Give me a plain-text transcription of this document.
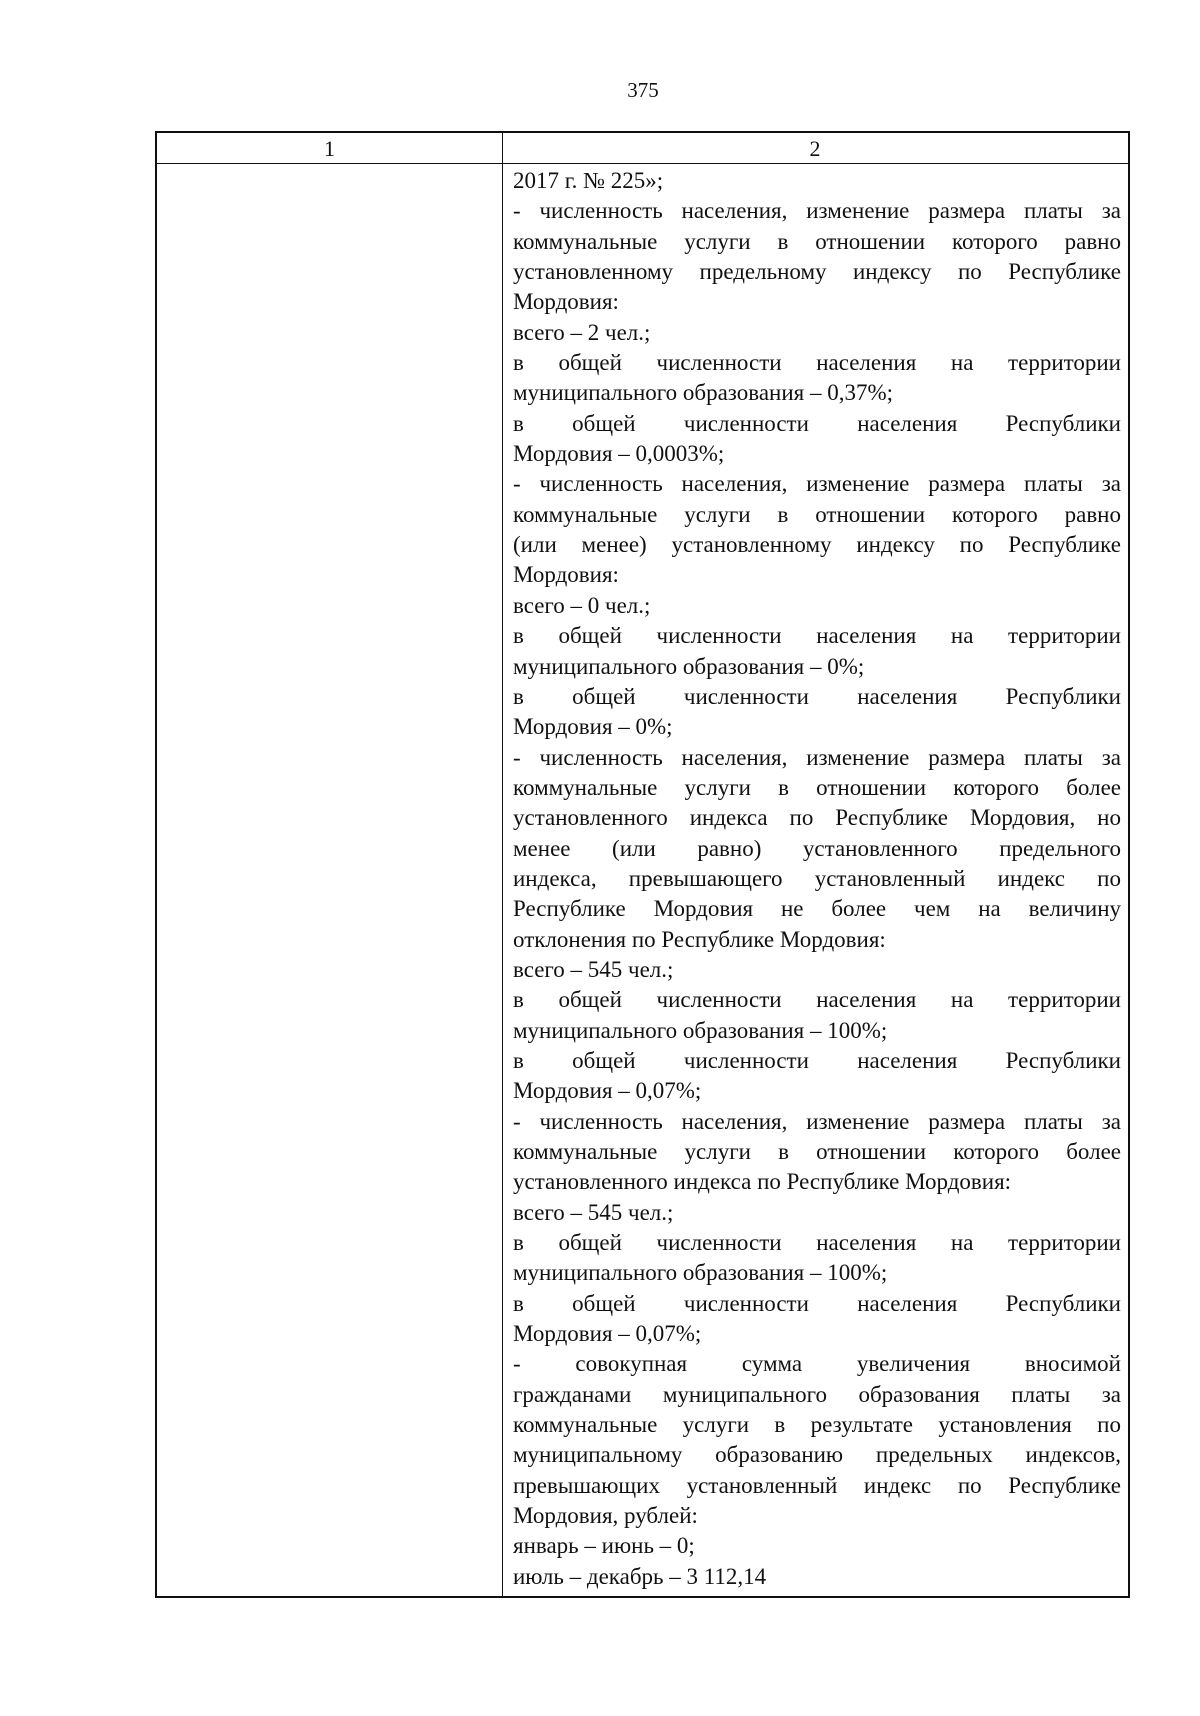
375
1	2
2017 г. № 225»;
- численность населения, изменение размера платы за
коммунальные услуги в отношении которого равно
установленному предельному индексу по Республике
Мордовия:
всего – 2 чел.;
в общей численности населения на территории
муниципального образования – 0,37%;
в общей численности населения Республики
Мордовия – 0,0003%;
- численность населения, изменение размера платы за
коммунальные услуги в отношении которого равно
(или менее) установленному индексу по Республике
Мордовия:
всего – 0 чел.;
в общей численности населения на территории
муниципального образования – 0%;
в общей численности населения Республики
Мордовия – 0%;
- численность населения, изменение размера платы за
коммунальные услуги в отношении которого более
установленного индекса по Республике Мордовия, но
менее (или равно) установленного предельного
индекса, превышающего установленный индекс по
Республике Мордовия не более чем на величину
отклонения по Республике Мордовия:
всего – 545 чел.;
в общей численности населения на территории
муниципального образования – 100%;
в общей численности населения Республики
Мордовия – 0,07%;
- численность населения, изменение размера платы за
коммунальные услуги в отношении которого более
установленного индекса по Республике Мордовия:
всего – 545 чел.;
в общей численности населения на территории
муниципального образования – 100%;
в общей численности населения Республики
Мордовия – 0,07%;
- совокупная сумма увеличения вносимой
гражданами муниципального образования платы за
коммунальные услуги в результате установления по
муниципальному образованию предельных индексов,
превышающих установленный индекс по Республике
Мордовия, рублей:
январь – июнь – 0;
июль – декабрь – 3 112,14
